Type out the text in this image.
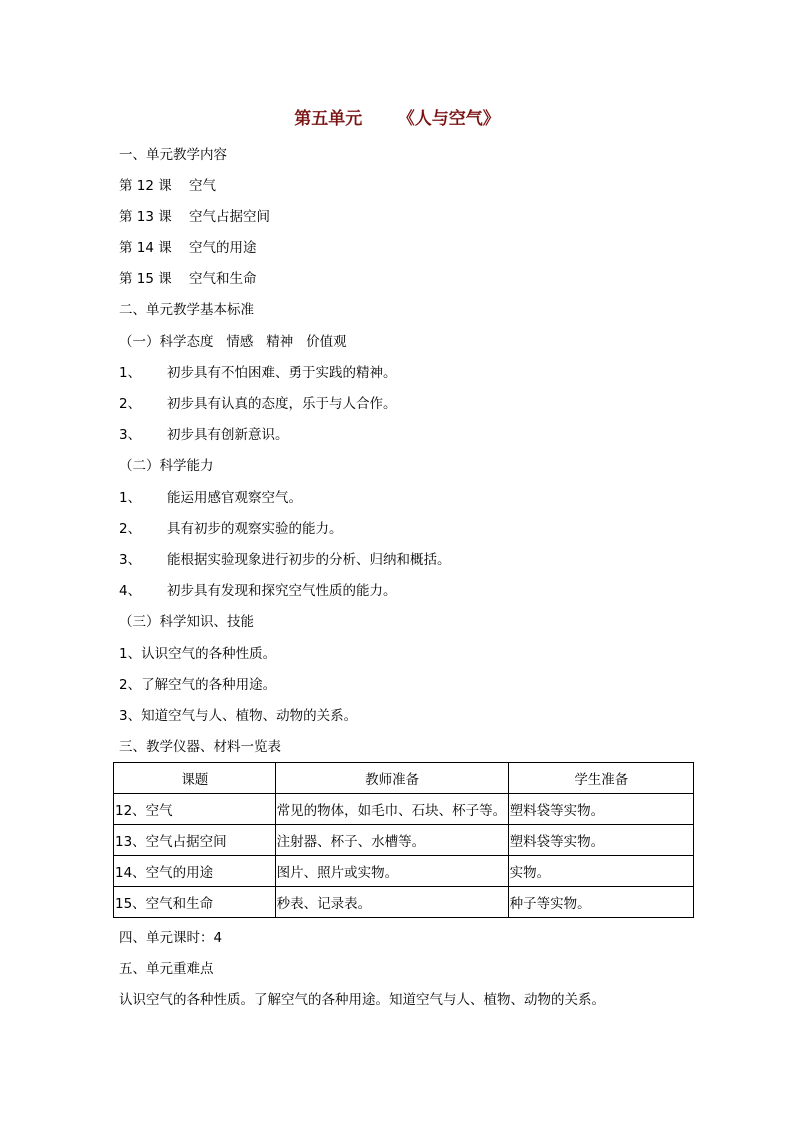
第五单元      《人与空气》
一、单元教学内容
第 12 课 空气
第 13 课 空气占据空间
第 14 课 空气的用途
第 15 课 空气和生命
二、单元教学基本标准
（一）科学态度   情感   精神   价值观
1、 初步具有不怕困难、勇于实践的精神。
2、 初步具有认真的态度，乐于与人合作。
3、 初步具有创新意识。
（二）科学能力
1、 能运用感官观察空气。
2、 具有初步的观察实验的能力。
3、 能根据实验现象进行初步的分析、归纳和概括。
4、 初步具有发现和探究空气性质的能力。
（三）科学知识、技能
1、认识空气的各种性质。
2、了解空气的各种用途。
3、知道空气与人、植物、动物的关系。
三、教学仪器、材料一览表
课题	教师准备	学生准备
12、空气	常见的物体，如毛巾、石块、杯子等。	塑料袋等实物。
13、空气占据空间	注射器、杯子、水槽等。	塑料袋等实物。
14、空气的用途	图片、照片或实物。	实物。
15、空气和生命	秒表、记录表。	种子等实物。
四、单元课时：4
五、单元重难点
认识空气的各种性质。了解空气的各种用途。知道空气与人、植物、动物的关系。
